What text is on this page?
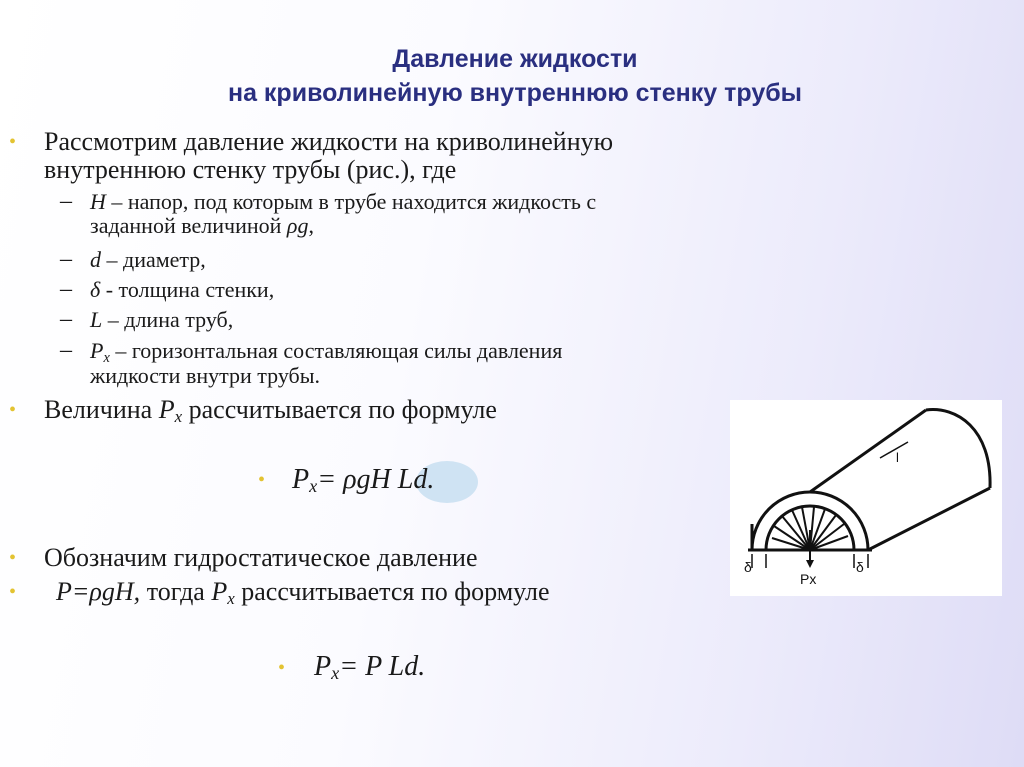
Давление жидкости
на криволинейную внутреннюю стенку трубы
• Рассмотрим давление жидкости на криволинейную
внутреннюю стенку трубы (рис.), где
– H – напор, под которым в трубе находится жидкость с
заданной величиной ρg,
– d – диаметр,
– δ - толщина стенки,
– L – длина труб,
– $P_x$ – горизонтальная составляющая силы давления
жидкости внутри трубы.
• Величина $P_x$ рассчитывается по формуле
• $P_x= \rho gH$ Ld.
• Обозначим гидростатическое давление
• P=ρgH, тогда $P_x$ рассчитывается по формуле
• $P_x= P$ Ld.
l
δ
Px
δ
